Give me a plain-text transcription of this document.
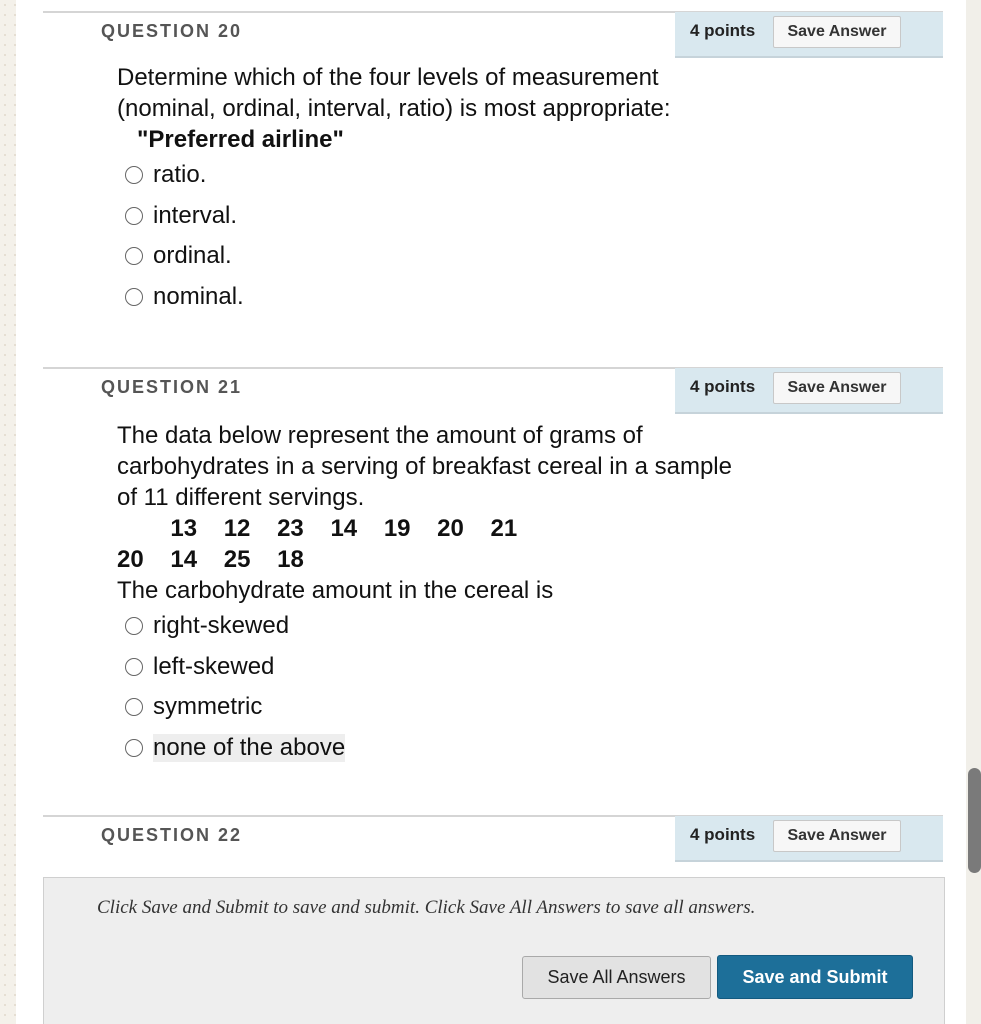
QUESTION 20	4 points	Save Answer
Determine which of the four levels of measurement (nominal, ordinal, interval, ratio) is most appropriate:
"Preferred airline"
ratio.
interval.
ordinal.
nominal.
QUESTION 21	4 points	Save Answer
The data below represent the amount of grams of carbohydrates in a serving of breakfast cereal in a sample of 11 different servings.
13    12    23    14    19    20    21
20    14    25    18
The carbohydrate amount in the cereal is
right-skewed
left-skewed
symmetric
none of the above
QUESTION 22	4 points	Save Answer
Click Save and Submit to save and submit. Click Save All Answers to save all answers.
Save All Answers	Save and Submit
